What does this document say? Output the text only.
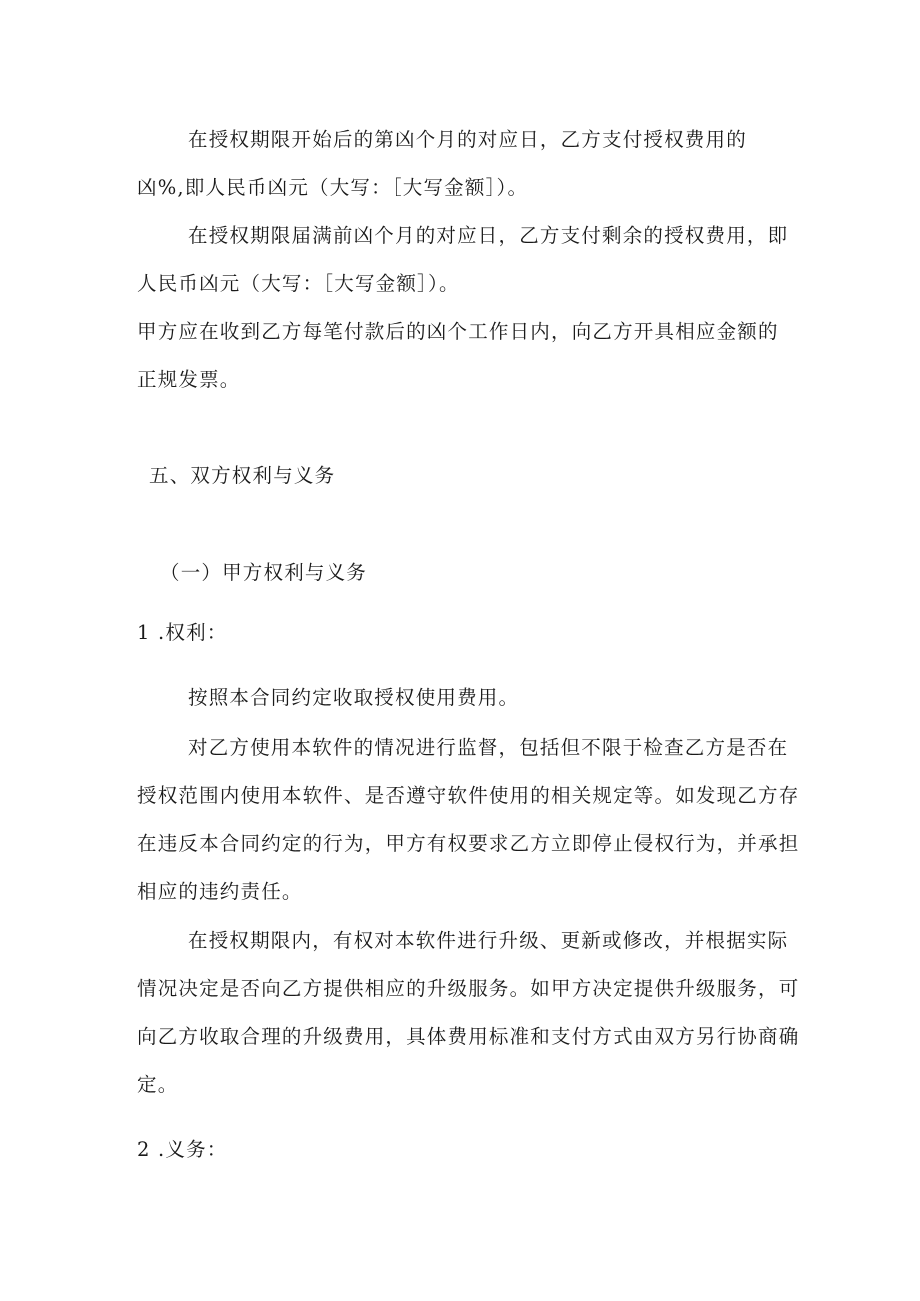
在授权期限开始后的第凶个月的对应日，乙方支付授权费用的
凶%,即人民币凶元（大写：［大写金额］）。
在授权期限届满前凶个月的对应日，乙方支付剩余的授权费用，即
人民币凶元（大写：［大写金额］）。
甲方应在收到乙方每笔付款后的凶个工作日内，向乙方开具相应金额的
正规发票。
五、双方权利与义务
（一）甲方权利与义务
1 .权利：
按照本合同约定收取授权使用费用。
对乙方使用本软件的情况进行监督，包括但不限于检查乙方是否在
授权范围内使用本软件、是否遵守软件使用的相关规定等。如发现乙方存
在违反本合同约定的行为，甲方有权要求乙方立即停止侵权行为，并承担
相应的违约责任。
在授权期限内，有权对本软件进行升级、更新或修改，并根据实际
情况决定是否向乙方提供相应的升级服务。如甲方决定提供升级服务，可
向乙方收取合理的升级费用，具体费用标准和支付方式由双方另行协商确
定。
2 .义务：
